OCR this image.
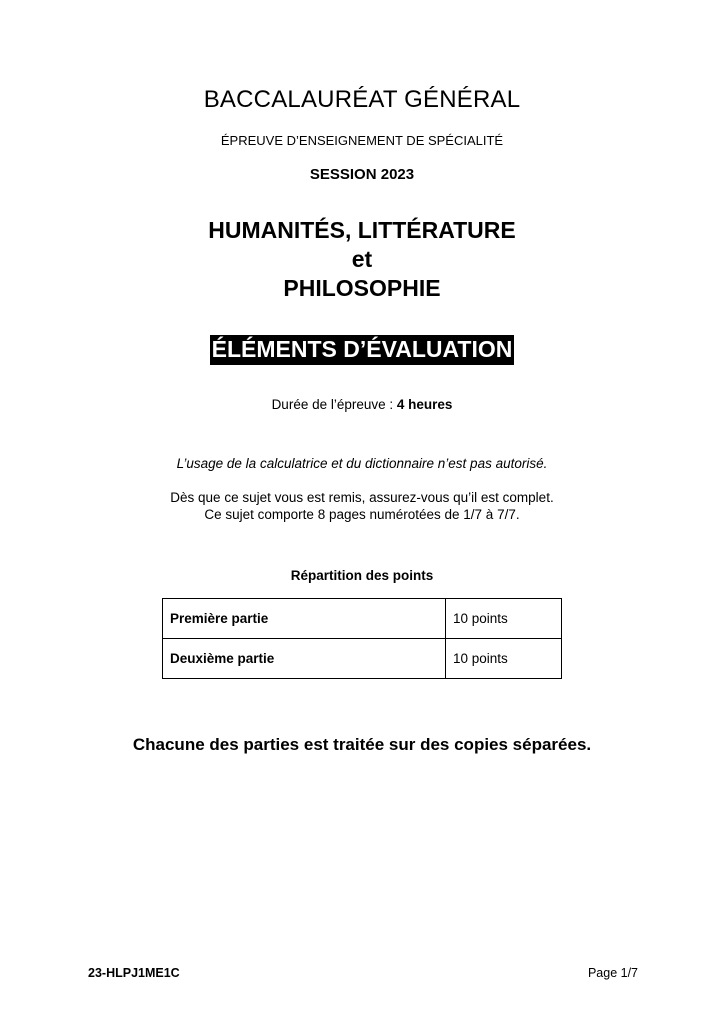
BACCALAURÉAT GÉNÉRAL
ÉPREUVE D’ENSEIGNEMENT DE SPÉCIALITÉ
SESSION 2023
HUMANITÉS, LITTÉRATURE
et
PHILOSOPHIE
ÉLÉMENTS D’ÉVALUATION
Durée de l’épreuve : 4 heures
L’usage de la calculatrice et du dictionnaire n’est pas autorisé.
Dès que ce sujet vous est remis, assurez-vous qu’il est complet.
Ce sujet comporte 8 pages numérotées de 1/7 à 7/7.
Répartition des points
Première partie	10 points
Deuxième partie	10 points
Chacune des parties est traitée sur des copies séparées.
23-HLPJ1ME1C	Page 1/7
